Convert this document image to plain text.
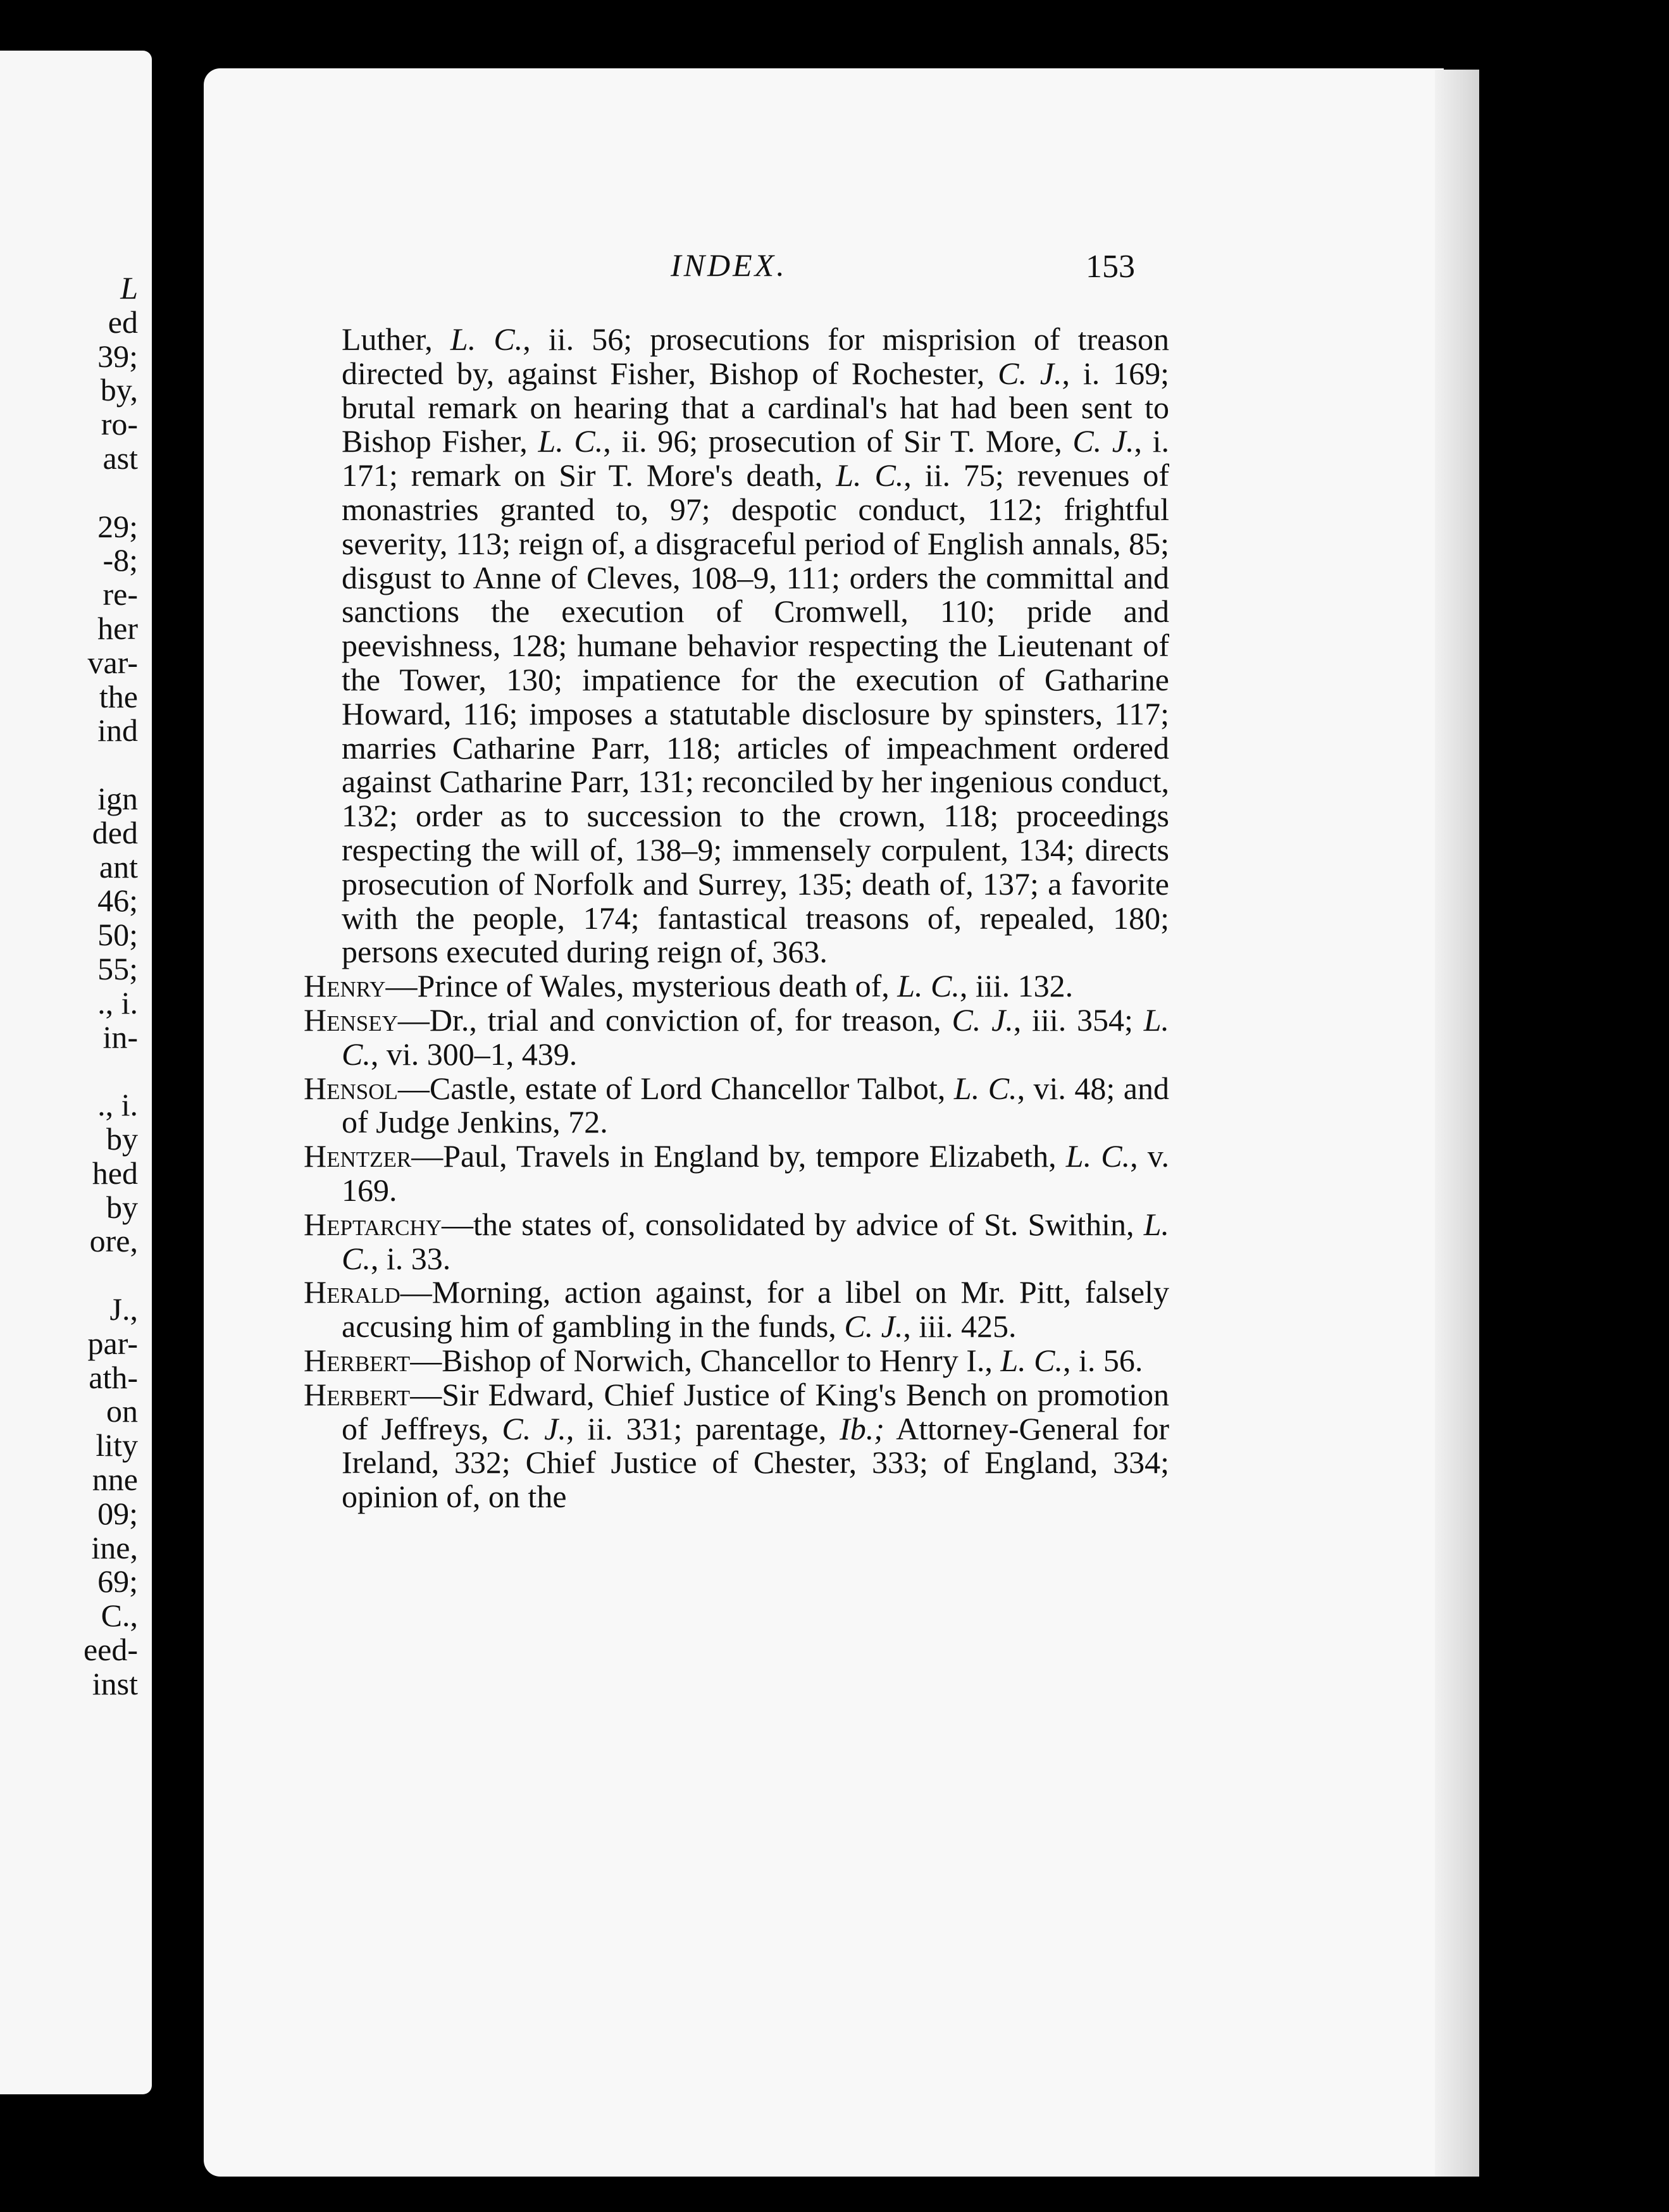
L
ed
39;
by,
ro-
ast
29;
-8;
re-
her
var-
the
ind
ign
ded
ant
46;
50;
55;
., i.
in-
., i.
by
hed
by
ore,
J.,
par-
ath-
on
lity
nne
09;
ine,
69;
C.,
eed-
inst
INDEX.	153

Luther, L. C., ii. 56; prosecutions for misprision of treason directed by, against Fisher, Bishop of Rochester, C. J., i. 169; brutal remark on hearing that a cardinal's hat had been sent to Bishop Fisher, L. C., ii. 96; prosecution of Sir T. More, C. J., i. 171; remark on Sir T. More's death, L. C., ii. 75; revenues of monastries granted to, 97; despotic conduct, 112; frightful severity, 113; reign of, a disgraceful period of English annals, 85; disgust to Anne of Cleves, 108–9, 111; orders the committal and sanctions the execution of Cromwell, 110; pride and peevishness, 128; humane behavior respecting the Lieutenant of the Tower, 130; impatience for the execution of Gatharine Howard, 116; imposes a statutable disclosure by spinsters, 117; marries Catharine Parr, 118; articles of impeachment ordered against Catharine Parr, 131; reconciled by her ingenious conduct, 132; order as to succession to the crown, 118; proceedings respecting the will of, 138–9; immensely corpulent, 134; directs prosecution of Norfolk and Surrey, 135; death of, 137; a favorite with the people, 174; fantastical treasons of, repealed, 180; persons executed during reign of, 363.

Henry—Prince of Wales, mysterious death of, L. C., iii. 132.

Hensey—Dr., trial and conviction of, for treason, C. J., iii. 354; L. C., vi. 300–1, 439.

Hensol—Castle, estate of Lord Chancellor Talbot, L. C., vi. 48; and of Judge Jenkins, 72.

Hentzer—Paul, Travels in England by, tempore Elizabeth, L. C., v. 169.

Heptarchy—the states of, consolidated by advice of St. Swithin, L. C., i. 33.

Herald—Morning, action against, for a libel on Mr. Pitt, falsely accusing him of gambling in the funds, C. J., iii. 425.

Herbert—Bishop of Norwich, Chancellor to Henry I., L. C., i. 56.

Herbert—Sir Edward, Chief Justice of King's Bench on promotion of Jeffreys, C. J., ii. 331; parentage, Ib.; Attorney-General for Ireland, 332; Chief Justice of Chester, 333; of England, 334; opinion of, on the
